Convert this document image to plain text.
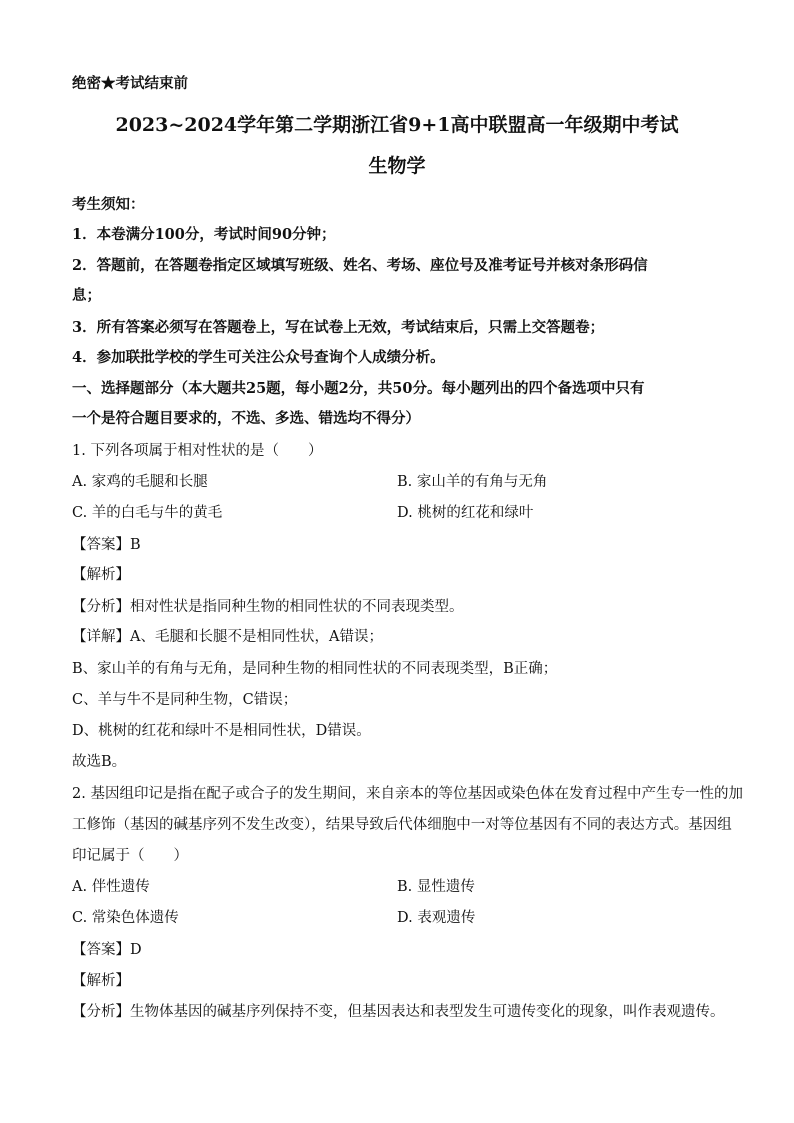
绝密★考试结束前
2023~2024学年第二学期浙江省9+1高中联盟高一年级期中考试
生物学
考生须知：
1．本卷满分100分，考试时间90分钟；
2．答题前，在答题卷指定区域填写班级、姓名、考场、座位号及准考证号并核对条形码信
息；
3．所有答案必须写在答题卷上，写在试卷上无效，考试结束后，只需上交答题卷；
4．参加联批学校的学生可关注公众号查询个人成绩分析。
一、选择题部分（本大题共25题，每小题2分，共50分。每小题列出的四个备选项中只有
一个是符合题目要求的，不选、多选、错选均不得分）
1. 下列各项属于相对性状的是（　　）
A. 家鸡的毛腿和长腿	B. 家山羊的有角与无角
C. 羊的白毛与牛的黄毛	D. 桃树的红花和绿叶
【答案】B
【解析】
【分析】相对性状是指同种生物的相同性状的不同表现类型。
【详解】A、毛腿和长腿不是相同性状，A错误；
B、家山羊的有角与无角，是同种生物的相同性状的不同表现类型，B正确；
C、羊与牛不是同种生物，C错误；
D、桃树的红花和绿叶不是相同性状，D错误。
故选B。
2. 基因组印记是指在配子或合子的发生期间，来自亲本的等位基因或染色体在发育过程中产生专一性的加
工修饰（基因的碱基序列不发生改变），结果导致后代体细胞中一对等位基因有不同的表达方式。基因组
印记属于（　　）
A. 伴性遗传	B. 显性遗传
C. 常染色体遗传	D. 表观遗传
【答案】D
【解析】
【分析】生物体基因的碱基序列保持不变，但基因表达和表型发生可遗传变化的现象，叫作表观遗传。
